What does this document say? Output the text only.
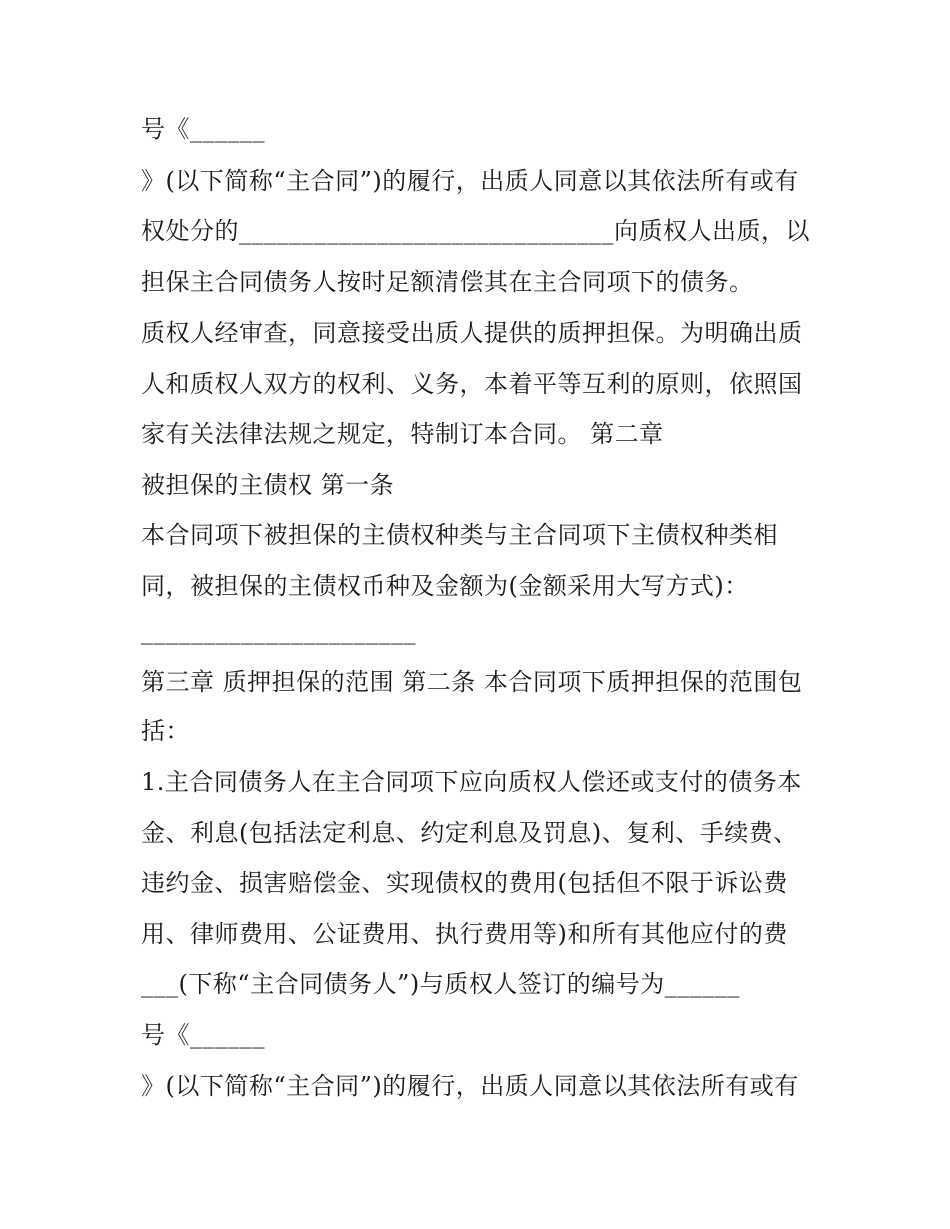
号《______
》(以下简称“主合同”)的履行，出质人同意以其依法所有或有
权处分的______________________________向质权人出质，以
担保主合同债务人按时足额清偿其在主合同项下的债务。
质权人经审查，同意接受出质人提供的质押担保。为明确出质
人和质权人双方的权利、义务，本着平等互利的原则，依照国
家有关法律法规之规定，特制订本合同。 第二章
被担保的主债权 第一条
本合同项下被担保的主债权种类与主合同项下主债权种类相
同，被担保的主债权币种及金额为(金额采用大写方式)：
______________________
第三章 质押担保的范围 第二条 本合同项下质押担保的范围包
括：
1.主合同债务人在主合同项下应向质权人偿还或支付的债务本
金、利息(包括法定利息、约定利息及罚息)、复利、手续费、
违约金、损害赔偿金、实现债权的费用(包括但不限于诉讼费
用、律师费用、公证费用、执行费用等)和所有其他应付的费
___(下称“主合同债务人”)与质权人签订的编号为______
号《______
》(以下简称“主合同”)的履行，出质人同意以其依法所有或有
